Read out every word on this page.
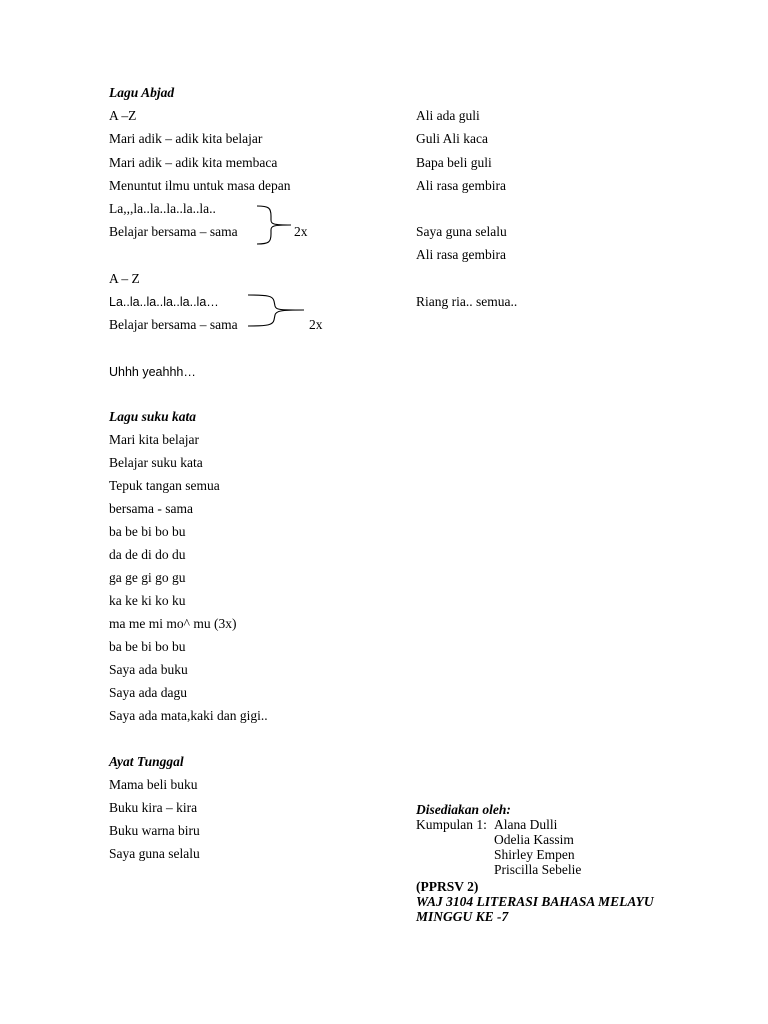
Lagu Abjad
A –Z
Mari adik – adik kita belajar
Mari adik – adik kita membaca
Menuntut ilmu untuk masa depan
La,,,la..la..la..la..la..
Belajar bersama – sama	2x
A – Z
La..la..la..la..la..la…
Belajar bersama – sama	2x
Uhhh yeahhh…
Ali ada guli
Guli Ali kaca
Bapa beli guli
Ali rasa gembira
Saya guna selalu
Ali rasa gembira
Riang ria.. semua..
Lagu suku kata
Mari kita belajar
Belajar suku kata
Tepuk tangan semua
bersama - sama
ba be bi bo bu
da de di do du
ga ge gi go gu
ka ke ki ko ku
ma me mi mo^ mu (3x)
ba be bi bo bu
Saya ada buku
Saya ada dagu
Saya ada mata,kaki dan gigi..
Ayat Tunggal
Mama beli buku
Buku kira – kira
Buku warna biru
Saya guna selalu
Disediakan oleh:
Kumpulan 1: Alana Dulli
Odelia Kassim
Shirley Empen
Priscilla Sebelie
(PPRSV 2)
WAJ 3104 LITERASI BAHASA MELAYU
MINGGU KE -7
